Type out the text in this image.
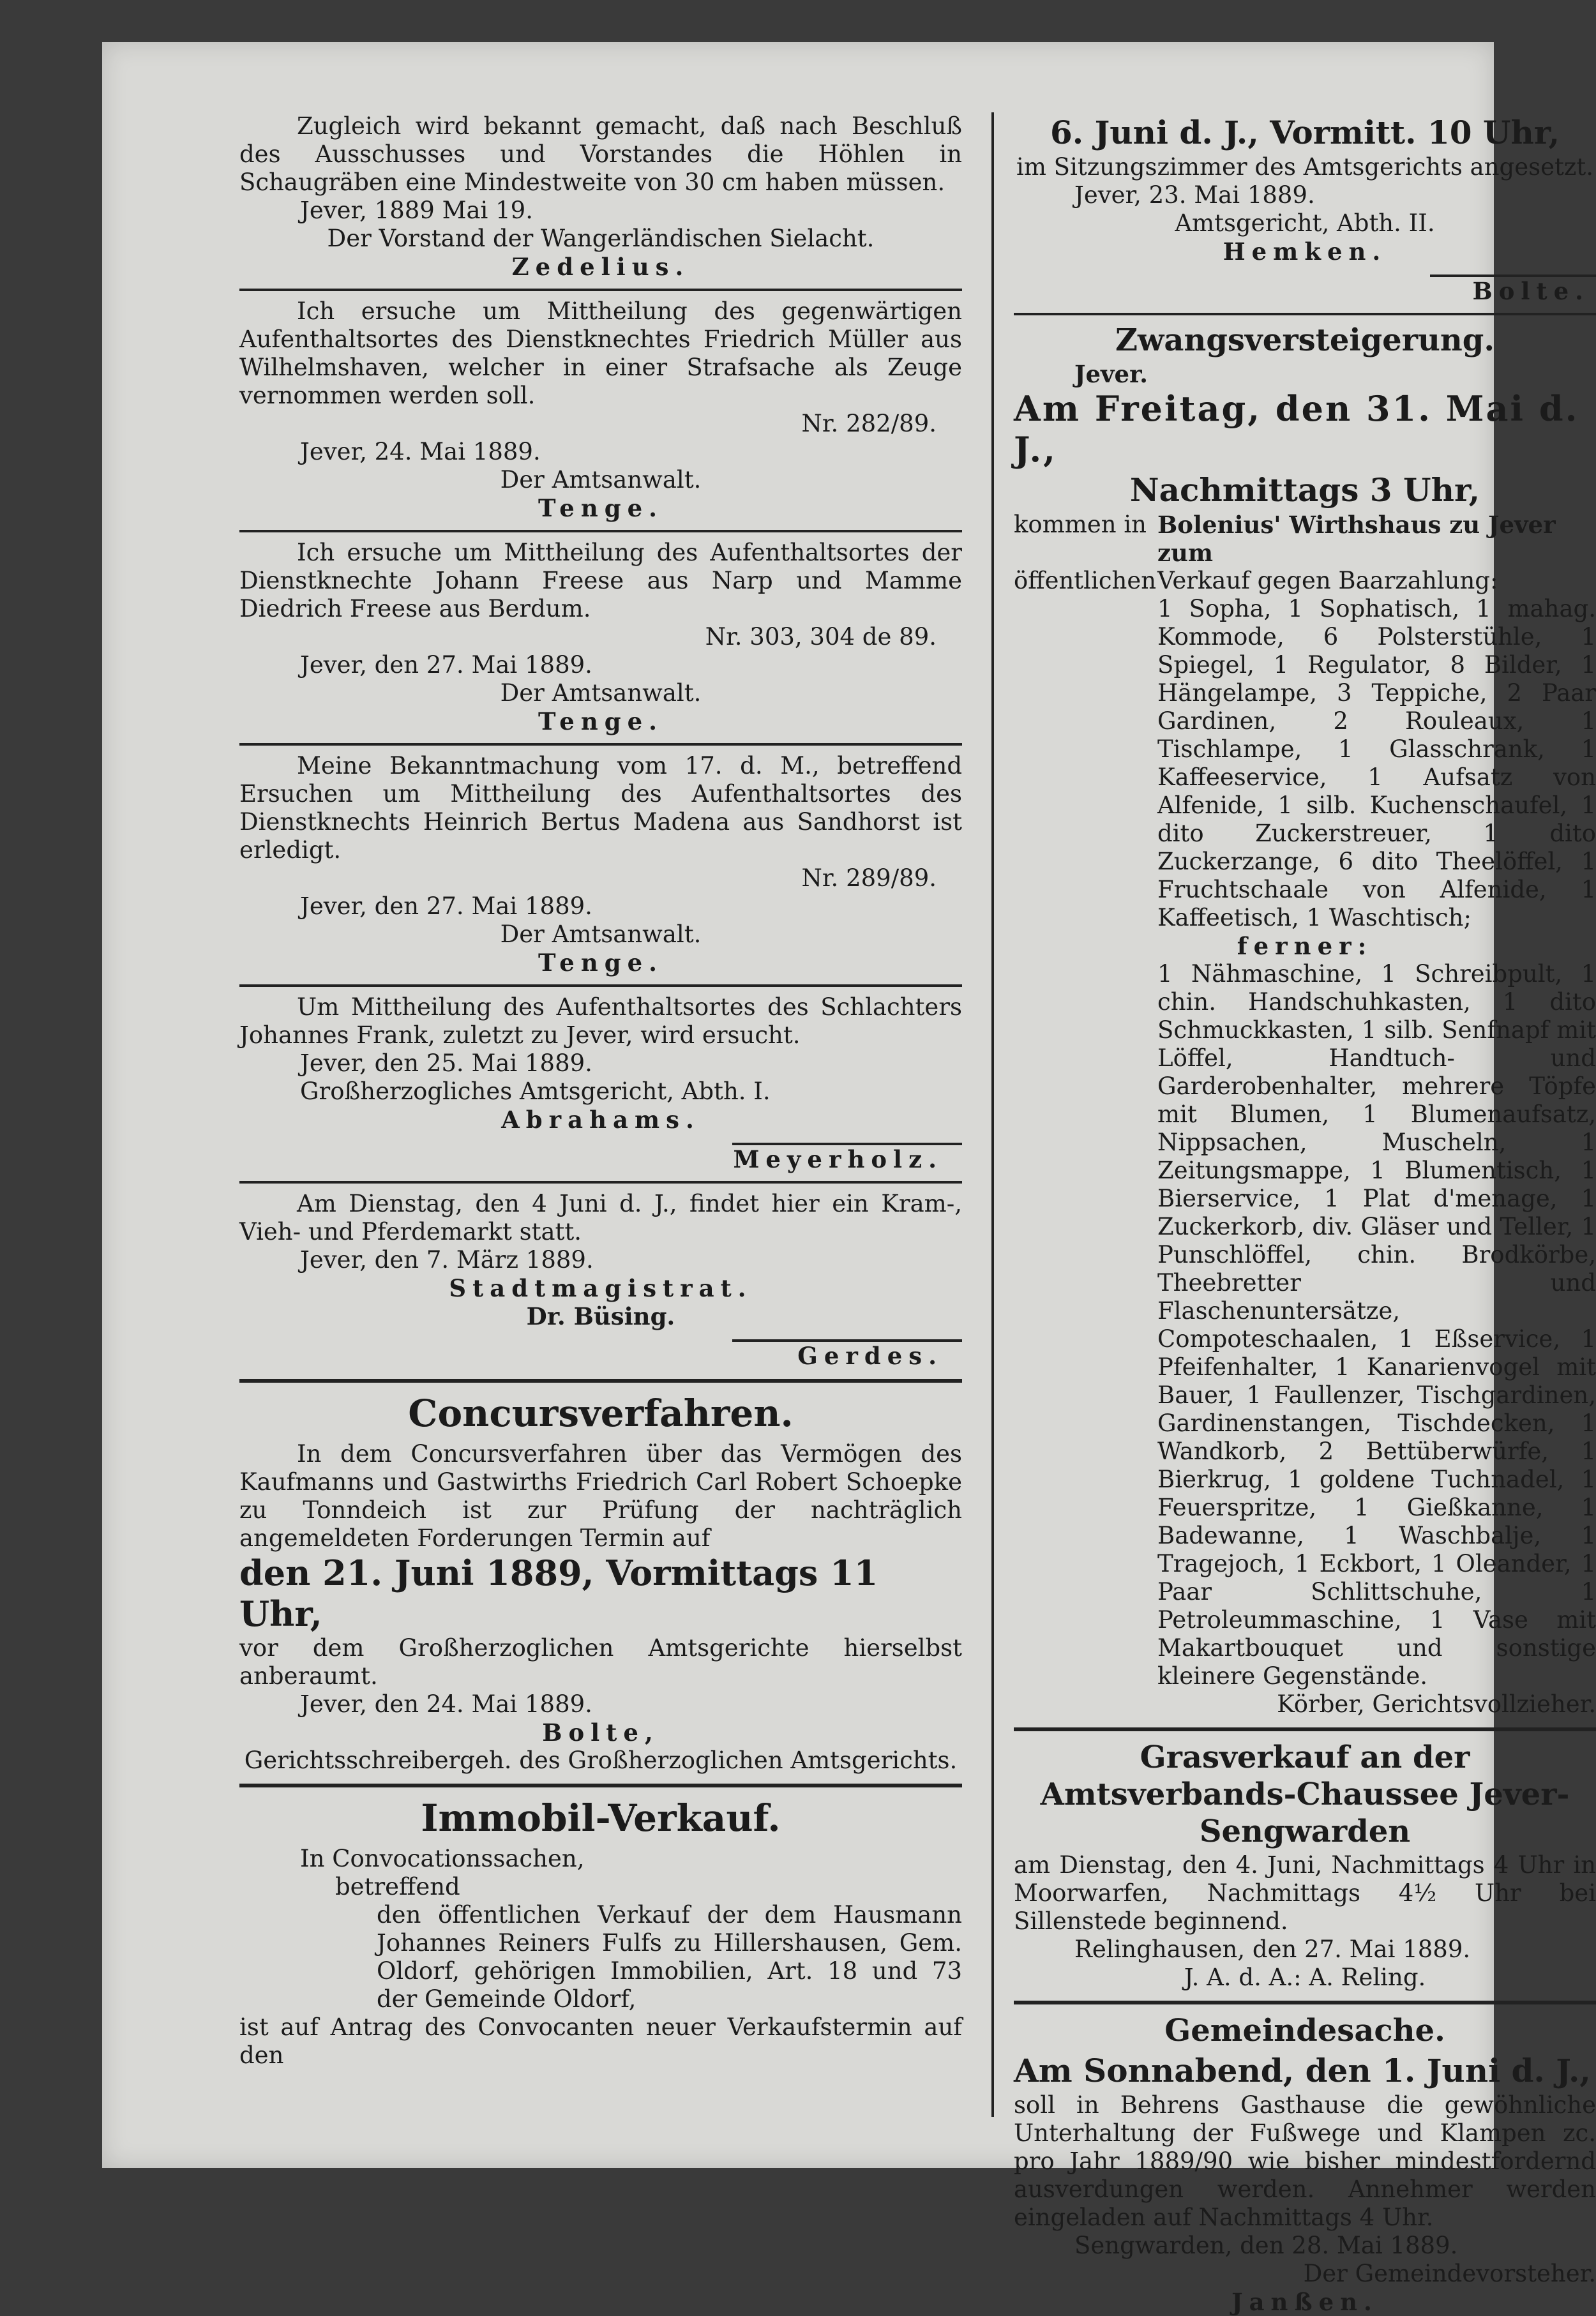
Zugleich wird bekannt gemacht, daß nach Beschluß des Ausschusses und Vorstandes die Höhlen in Schaugräben eine Mindestweite von 30 cm haben müssen.

Jever, 1889 Mai 19.

Der Vorstand der Wangerländischen Sielacht.

Zedelius.

Ich ersuche um Mittheilung des gegenwärtigen Aufenthaltsortes des Dienstknechtes Friedrich Müller aus Wilhelmshaven, welcher in einer Strafsache als Zeuge vernommen werden soll.

Nr. 282/89.

Jever, 24. Mai 1889.

Der Amtsanwalt.

Tenge.

Ich ersuche um Mittheilung des Aufenthaltsortes der Dienstknechte Johann Freese aus Narp und Mamme Diedrich Freese aus Berdum.

Nr. 303, 304 de 89.

Jever, den 27. Mai 1889.

Der Amtsanwalt.

Tenge.

Meine Bekanntmachung vom 17. d. M., betreffend Ersuchen um Mittheilung des Aufenthaltsortes des Dienstknechts Heinrich Bertus Madena aus Sandhorst ist erledigt.

Nr. 289/89.

Jever, den 27. Mai 1889.

Der Amtsanwalt.

Tenge.

Um Mittheilung des Aufenthaltsortes des Schlachters Johannes Frank, zuletzt zu Jever, wird ersucht.

Jever, den 25. Mai 1889.

Großherzogliches Amtsgericht, Abth. I.

Abrahams.

Meyerholz.

Am Dienstag, den 4 Juni d. J., findet hier ein Kram-, Vieh- und Pferdemarkt statt.

Jever, den 7. März 1889.

Stadtmagistrat.

Dr. Büsing.

Gerdes.

Concursverfahren.

In dem Concursverfahren über das Vermögen des Kaufmanns und Gastwirths Friedrich Carl Robert Schoepke zu Tonndeich ist zur Prüfung der nachträglich angemeldeten Forderungen Termin auf

den 21. Juni 1889, Vormittags 11 Uhr,

vor dem Großherzoglichen Amtsgerichte hierselbst anberaumt.

Jever, den 24. Mai 1889.

Bolte,

Gerichtsschreibergeh. des Großherzoglichen Amtsgerichts.

Immobil-Verkauf.

In Convocationssachen,

betreffend

den öffentlichen Verkauf der dem Hausmann Johannes Reiners Fulfs zu Hillershausen, Gem. Oldorf, gehörigen Immobilien, Art. 18 und 73 der Gemeinde Oldorf,

ist auf Antrag des Convocanten neuer Verkaufstermin auf den

6. Juni d. J., Vormitt. 10 Uhr,

im Sitzungszimmer des Amtsgerichts angesetzt.

Jever, 23. Mai 1889.

Amtsgericht, Abth. II.

Hemken.

Bolte.

Zwangsversteigerung.

Jever.

Am Freitag, den 31. Mai d. J.,

Nachmittags 3 Uhr,

kommen in Bolenius' Wirthshaus zu Jever zum
öffentlichen Verkauf gegen Baarzahlung:

1 Sopha, 1 Sophatisch, 1 mahag. Kommode, 6 Polsterstühle, 1 Spiegel, 1 Regulator, 8 Bilder, 1 Hängelampe, 3 Teppiche, 2 Paar Gardinen, 2 Rouleaux, 1 Tischlampe, 1 Glasschrank, 1 Kaffeeservice, 1 Aufsatz von Alfenide, 1 silb. Kuchenschaufel, 1 dito Zuckerstreuer, 1 dito Zuckerzange, 6 dito Theelöffel, 1 Fruchtschaale von Alfenide, 1 Kaffeetisch, 1 Waschtisch;

ferner:

1 Nähmaschine, 1 Schreibpult, 1 chin. Handschuhkasten, 1 dito Schmuckkasten, 1 silb. Senfnapf mit Löffel, Handtuch- und Garderobenhalter, mehrere Töpfe mit Blumen, 1 Blumenaufsatz, Nippsachen, Muscheln, 1 Zeitungsmappe, 1 Blumentisch, 1 Bierservice, 1 Plat d'menage, 1 Zuckerkorb, div. Gläser und Teller, 1 Punschlöffel, chin. Brodkörbe, Theebretter und Flaschenuntersätze, Compoteschaalen, 1 Eßservice, 1 Pfeifenhalter, 1 Kanarienvogel mit Bauer, 1 Faullenzer, Tischgardinen, Gardinenstangen, Tischdecken, 1 Wandkorb, 2 Bettüberwürfe, 1 Bierkrug, 1 goldene Tuchnadel, 1 Feuerspritze, 1 Gießkanne, 1 Badewanne, 1 Waschbalje, 1 Tragejoch, 1 Eckbort, 1 Oleander, 1 Paar Schlittschuhe, 1 Petroleummaschine, 1 Vase mit Makartbouquet und sonstige kleinere Gegenstände.

Körber, Gerichtsvollzieher.

Grasverkauf an der Amtsverbands-Chaussee Jever-Sengwarden

am Dienstag, den 4. Juni, Nachmittags 4 Uhr in Moorwarfen, Nachmittags 4½ Uhr bei Sillenstede beginnend.

Relinghausen, den 27. Mai 1889.

J. A. d. A.: A. Reling.

Gemeindesache.

Am Sonnabend, den 1. Juni d. J.,

soll in Behrens Gasthause die gewöhnliche Unterhaltung der Fußwege und Klampen zc. pro Jahr 1889/90 wie bisher mindestfordernd ausverdungen werden. Annehmer werden eingeladen auf Nachmittags 4 Uhr.

Sengwarden, den 28. Mai 1889.

Der Gemeindevorsteher.

Janßen.
